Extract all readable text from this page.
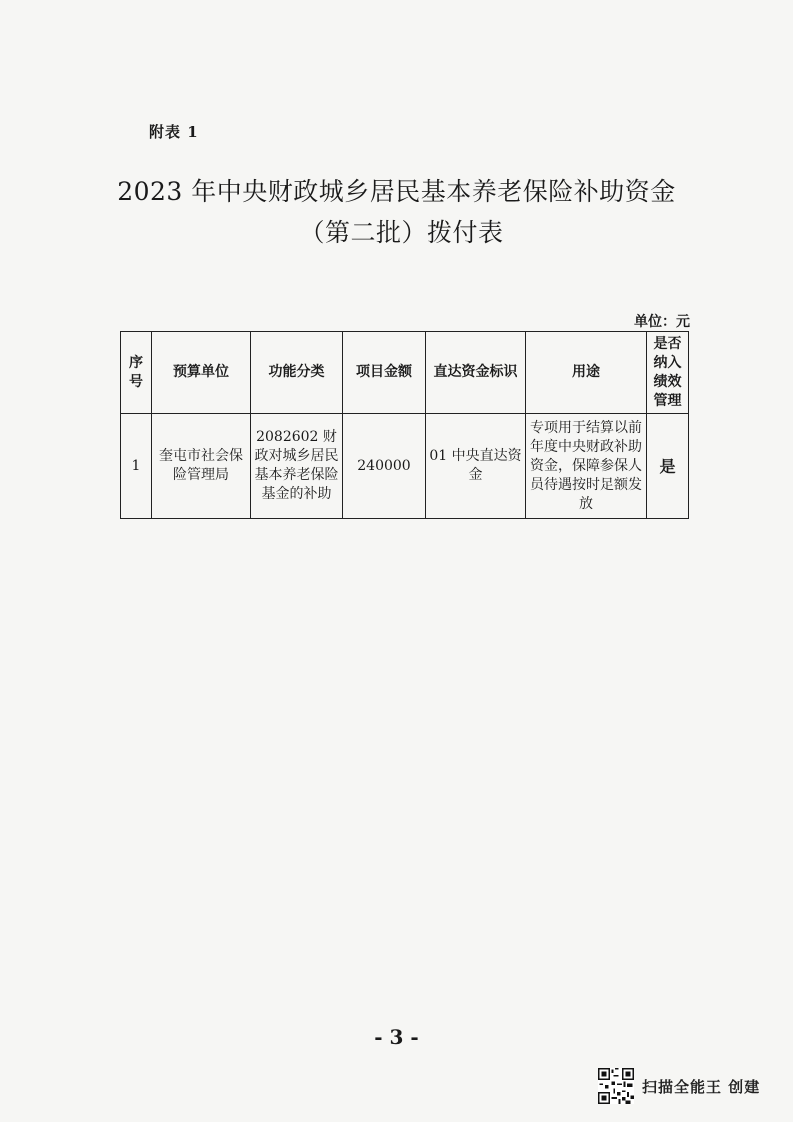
附表 1
2023 年中央财政城乡居民基本养老保险补助资金
（第二批）拨付表
单位：元
序号	预算单位	功能分类	项目金额	直达资金标识	用途	是否纳入绩效管理
1	奎屯市社会保险管理局	2082602 财政对城乡居民基本养老保险基金的补助	240000	01 中央直达资金	专项用于结算以前年度中央财政补助资金，保障参保人员待遇按时足额发放	是
- 3 -
扫描全能王 创建
